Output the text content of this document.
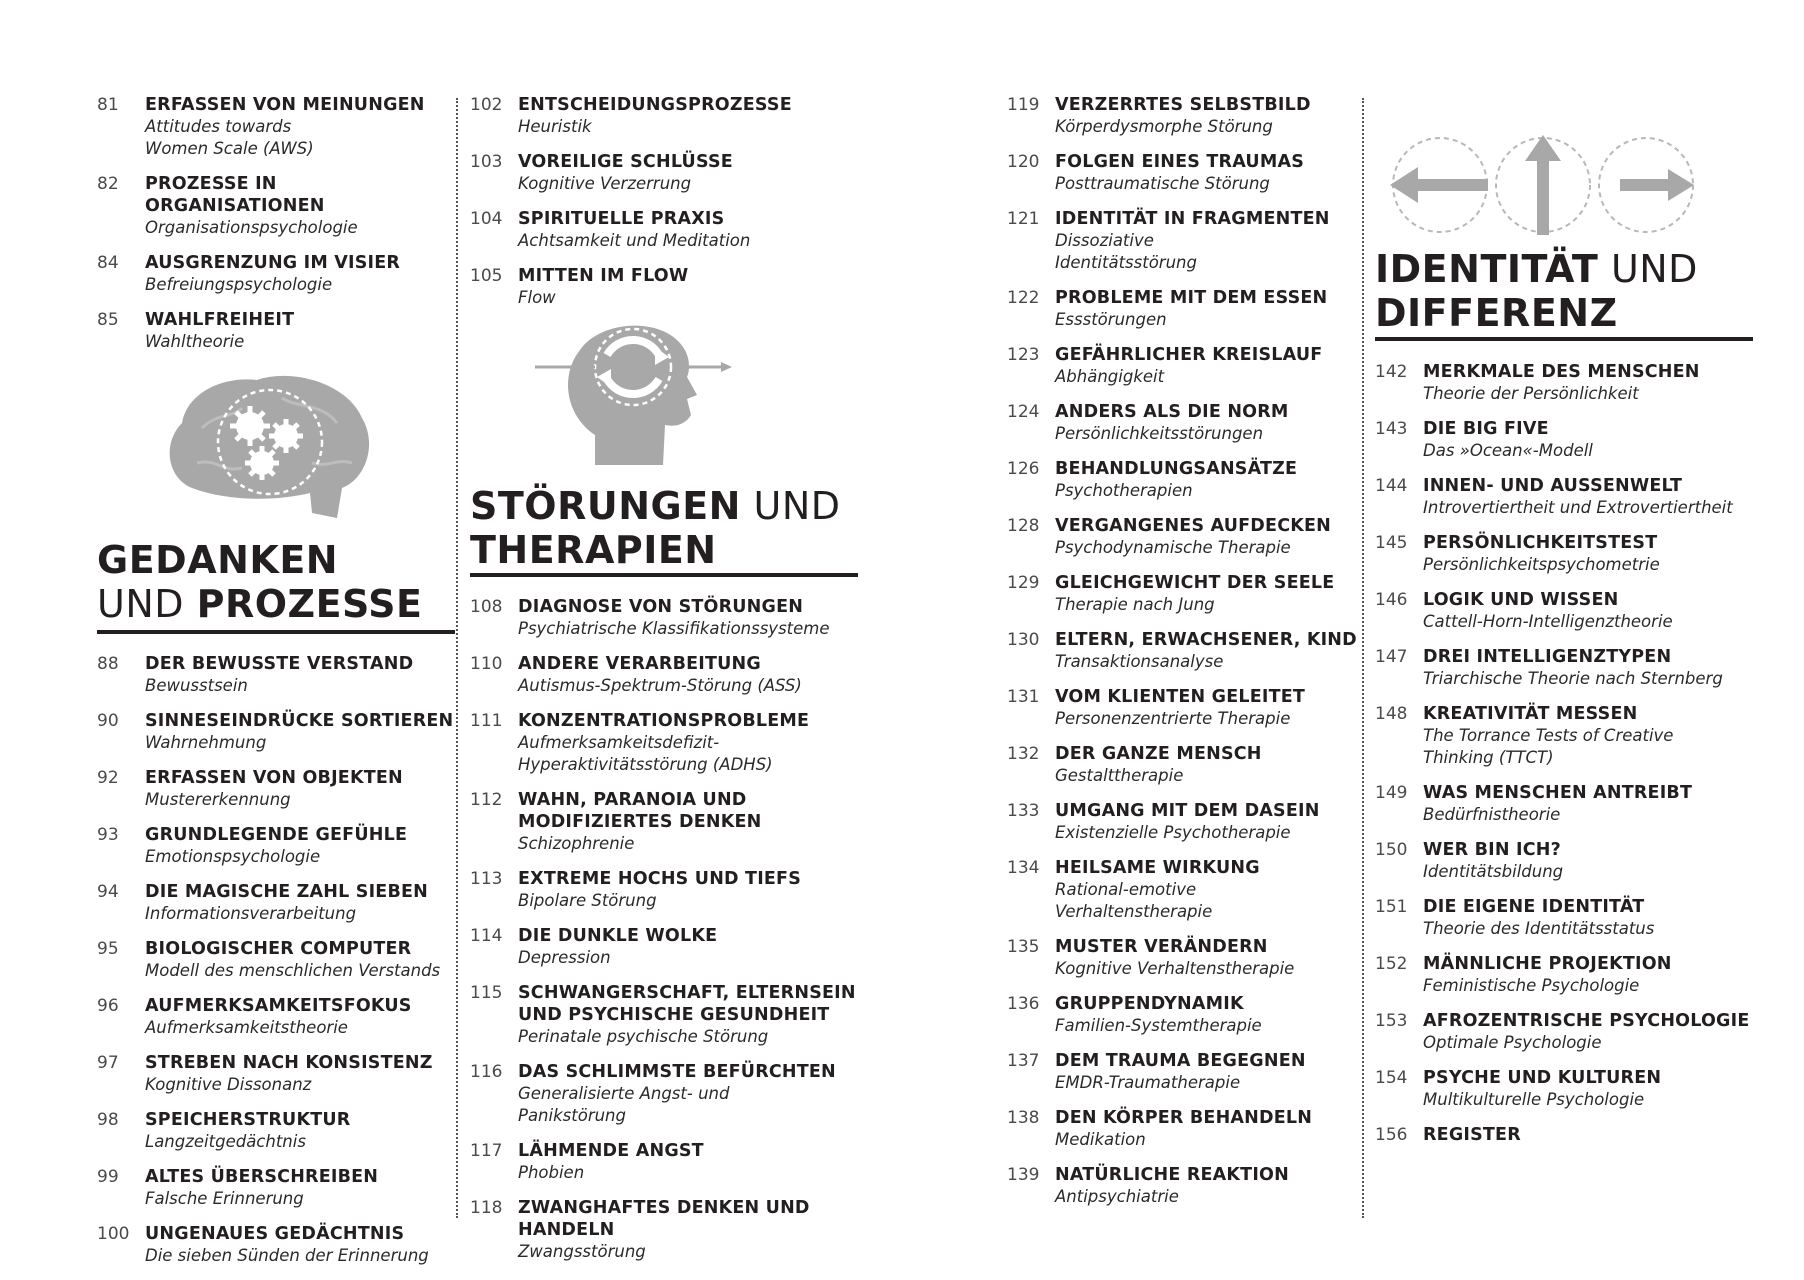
81	ERFASSEN VON MEINUNGEN
Attitudes towards
Women Scale (AWS)
82	PROZESSE IN ORGANISATIONEN
Organisationspsychologie
84	AUSGRENZUNG IM VISIER
Befreiungspsychologie
85	WAHLFREIHEIT
Wahltheorie
GEDANKEN
UND PROZESSE
88	DER BEWUSSTE VERSTAND
Bewusstsein
90	SINNESEINDRÜCKE SORTIEREN
Wahrnehmung
92	ERFASSEN VON OBJEKTEN
Mustererkennung
93	GRUNDLEGENDE GEFÜHLE
Emotionspsychologie
94	DIE MAGISCHE ZAHL SIEBEN
Informationsverarbeitung
95	BIOLOGISCHER COMPUTER
Modell des menschlichen Verstands
96	AUFMERKSAMKEITSFOKUS
Aufmerksamkeitstheorie
97	STREBEN NACH KONSISTENZ
Kognitive Dissonanz
98	SPEICHERSTRUKTUR
Langzeitgedächtnis
99	ALTES ÜBERSCHREIBEN
Falsche Erinnerung
100 UNGENAUES GEDÄCHTNIS
Die sieben Sünden der Erinnerung
102 ENTSCHEIDUNGSPROZESSE
Heuristik
103 VOREILIGE SCHLÜSSE
Kognitive Verzerrung
104 SPIRITUELLE PRAXIS
Achtsamkeit und Meditation
105 MITTEN IM FLOW
Flow
STÖRUNGEN UND
THERAPIEN
108 DIAGNOSE VON STÖRUNGEN
Psychiatrische Klassifikationssysteme
110 ANDERE VERARBEITUNG
Autismus-Spektrum-Störung (ASS)
111 KONZENTRATIONSPROBLEME
Aufmerksamkeitsdefizit-
Hyperaktivitätsstörung (ADHS)
112 WAHN, PARANOIA UND
MODIFIZIERTES DENKEN
Schizophrenie
113 EXTREME HOCHS UND TIEFS
Bipolare Störung
114 DIE DUNKLE WOLKE
Depression
115 SCHWANGERSCHAFT, ELTERNSEIN
UND PSYCHISCHE GESUNDHEIT
Perinatale psychische Störung
116 DAS SCHLIMMSTE BEFÜRCHTEN
Generalisierte Angst- und
Panikstörung
117 LÄHMENDE ANGST
Phobien
118 ZWANGHAFTES DENKEN UND
HANDELN
Zwangsstörung
119 VERZERRTES SELBSTBILD
Körperdysmorphe Störung
120 FOLGEN EINES TRAUMAS
Posttraumatische Störung
121 IDENTITÄT IN FRAGMENTEN
Dissoziative
Identitätsstörung
122 PROBLEME MIT DEM ESSEN
Essstörungen
123 GEFÄHRLICHER KREISLAUF
Abhängigkeit
124 ANDERS ALS DIE NORM
Persönlichkeitsstörungen
126 BEHANDLUNGSANSÄTZE
Psychotherapien
128 VERGANGENES AUFDECKEN
Psychodynamische Therapie
129 GLEICHGEWICHT DER SEELE
Therapie nach Jung
130 ELTERN, ERWACHSENER, KIND
Transaktionsanalyse
131 VOM KLIENTEN GELEITET
Personenzentrierte Therapie
132 DER GANZE MENSCH
Gestalttherapie
133 UMGANG MIT DEM DASEIN
Existenzielle Psychotherapie
134 HEILSAME WIRKUNG
Rational-emotive
Verhaltenstherapie
135 MUSTER VERÄNDERN
Kognitive Verhaltenstherapie
136 GRUPPENDYNAMIK
Familien-Systemtherapie
137 DEM TRAUMA BEGEGNEN
EMDR-Traumatherapie
138 DEN KÖRPER BEHANDELN
Medikation
139 NATÜRLICHE REAKTION
Antipsychiatrie
IDENTITÄT UND
DIFFERENZ
142 MERKMALE DES MENSCHEN
Theorie der Persönlichkeit
143 DIE BIG FIVE
Das »Ocean«-Modell
144 INNEN- UND AUSSENWELT
Introvertiertheit und Extrovertiertheit
145 PERSÖNLICHKEITSTEST
Persönlichkeitspsychometrie
146 LOGIK UND WISSEN
Cattell-Horn-Intelligenztheorie
147 DREI INTELLIGENZTYPEN
Triarchische Theorie nach Sternberg
148 KREATIVITÄT MESSEN
The Torrance Tests of Creative
Thinking (TTCT)
149 WAS MENSCHEN ANTREIBT
Bedürfnistheorie
150 WER BIN ICH?
Identitätsbildung
151 DIE EIGENE IDENTITÄT
Theorie des Identitätsstatus
152 MÄNNLICHE PROJEKTION
Feministische Psychologie
153 AFROZENTRISCHE PSYCHOLOGIE
Optimale Psychologie
154 PSYCHE UND KULTUREN
Multikulturelle Psychologie
156 REGISTER
